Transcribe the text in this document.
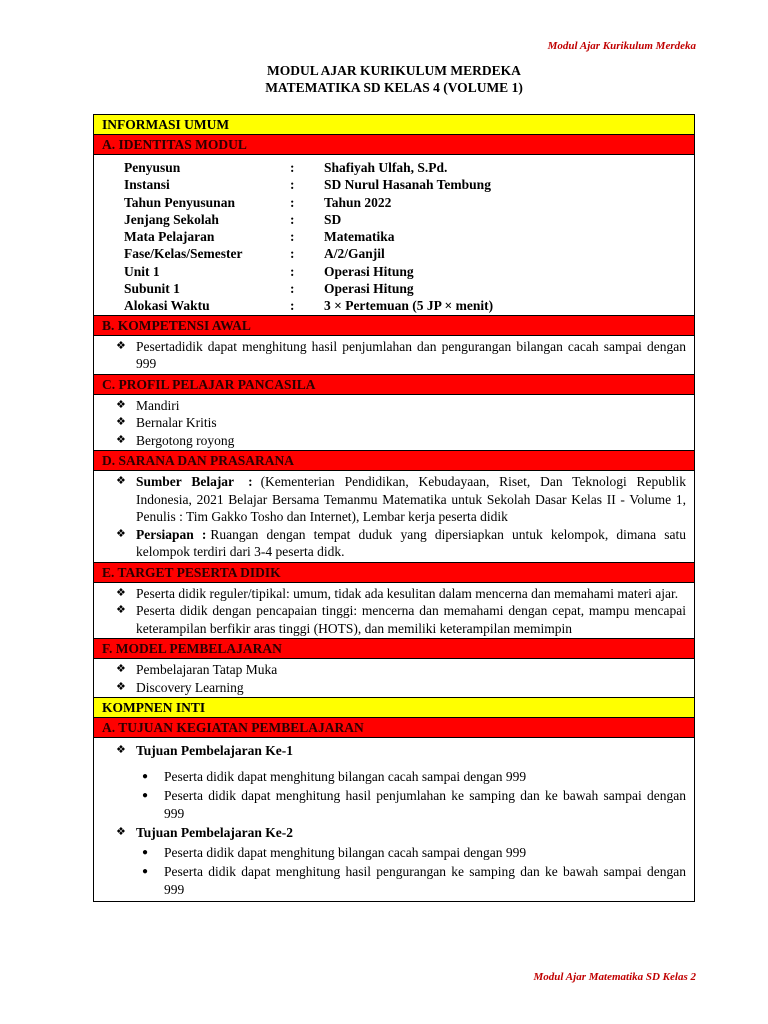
Modul Ajar Kurikulum Merdeka
MODUL AJAR KURIKULUM MERDEKA
MATEMATIKA SD KELAS 4 (VOLUME 1)
INFORMASI UMUM
A. IDENTITAS MODUL
Penyusun	:	Shafiyah Ulfah, S.Pd.
Instansi	:	SD Nurul Hasanah Tembung
Tahun Penyusunan	:	Tahun 2022
Jenjang Sekolah	:	SD
Mata Pelajaran	:	Matematika
Fase/Kelas/Semester	:	A/2/Ganjil
Unit 1	:	Operasi Hitung
Subunit 1	:	Operasi Hitung
Alokasi Waktu	:	3 × Pertemuan (5 JP × menit)
B. KOMPETENSI AWAL
❖ Pesertadidik dapat menghitung hasil penjumlahan dan pengurangan bilangan cacah sampai dengan 999
C. PROFIL PELAJAR PANCASILA
❖ Mandiri
❖ Bernalar Kritis
❖ Bergotong royong
D. SARANA DAN PRASARANA
❖ Sumber Belajar : (Kementerian Pendidikan, Kebudayaan, Riset, Dan Teknologi Republik Indonesia, 2021 Belajar Bersama Temanmu Matematika untuk Sekolah Dasar Kelas II - Volume 1, Penulis : Tim Gakko Tosho dan Internet), Lembar kerja peserta didik
❖ Persiapan : Ruangan dengan tempat duduk yang dipersiapkan untuk kelompok, dimana satu kelompok terdiri dari 3-4 peserta didk.
E. TARGET PESERTA DIDIK
❖ Peserta didik reguler/tipikal: umum, tidak ada kesulitan dalam mencerna dan memahami materi ajar.
❖ Peserta didik dengan pencapaian tinggi: mencerna dan memahami dengan cepat, mampu mencapai keterampilan berfikir aras tinggi (HOTS), dan memiliki keterampilan memimpin
F. MODEL PEMBELAJARAN
❖ Pembelajaran Tatap Muka
❖ Discovery Learning
KOMPNEN INTI
A. TUJUAN KEGIATAN PEMBELAJARAN
❖ Tujuan Pembelajaran Ke-1
●	Peserta didik dapat menghitung bilangan cacah sampai dengan 999
●	Peserta didik dapat menghitung hasil penjumlahan ke samping dan ke bawah sampai dengan 999
❖ Tujuan Pembelajaran Ke-2
●	Peserta didik dapat menghitung bilangan cacah sampai dengan 999
●	Peserta didik dapat menghitung hasil pengurangan ke samping dan ke bawah sampai dengan 999
Modul Ajar Matematika SD Kelas 2
